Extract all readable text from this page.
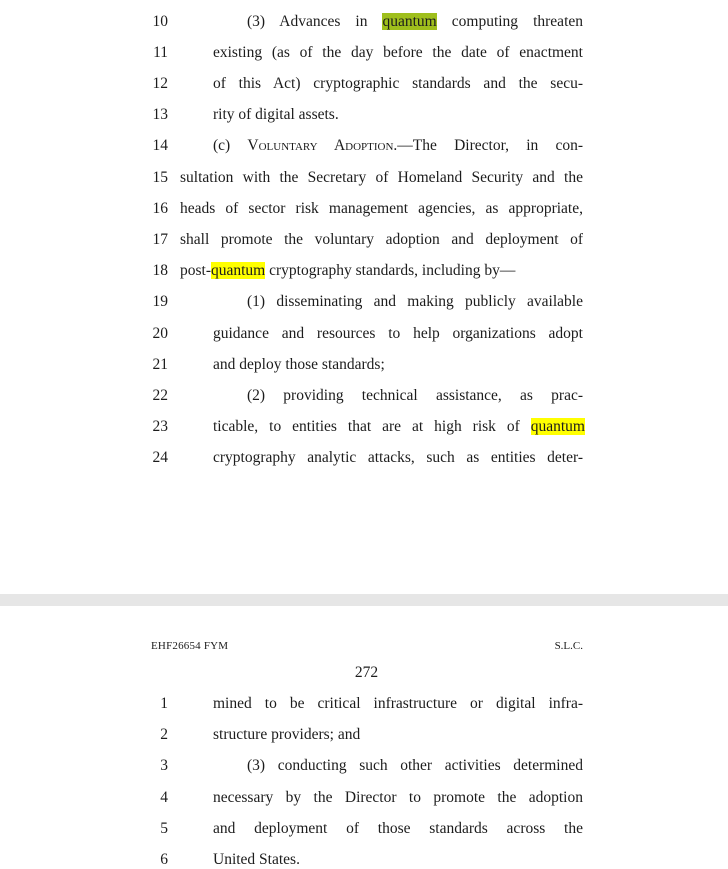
10	(3) Advances in quantum computing threaten
11	existing (as of the day before the date of enactment
12	of this Act) cryptographic standards and the secu-
13	rity of digital assets.
14	(c) Voluntary Adoption.—The Director, in con-
15 sultation with the Secretary of Homeland Security and the
16 heads of sector risk management agencies, as appropriate,
17 shall promote the voluntary adoption and deployment of
18 post-quantum cryptography standards, including by—
19	(1) disseminating and making publicly available
20	guidance and resources to help organizations adopt
21	and deploy those standards;
22	(2) providing technical assistance, as prac-
23	ticable, to entities that are at high risk of quantum
24	cryptography analytic attacks, such as entities deter-
EHF26654 FYM	S.L.C.
272
1	mined to be critical infrastructure or digital infra-
2	structure providers; and
3	(3) conducting such other activities determined
4	necessary by the Director to promote the adoption
5	and deployment of those standards across the
6	United States.
